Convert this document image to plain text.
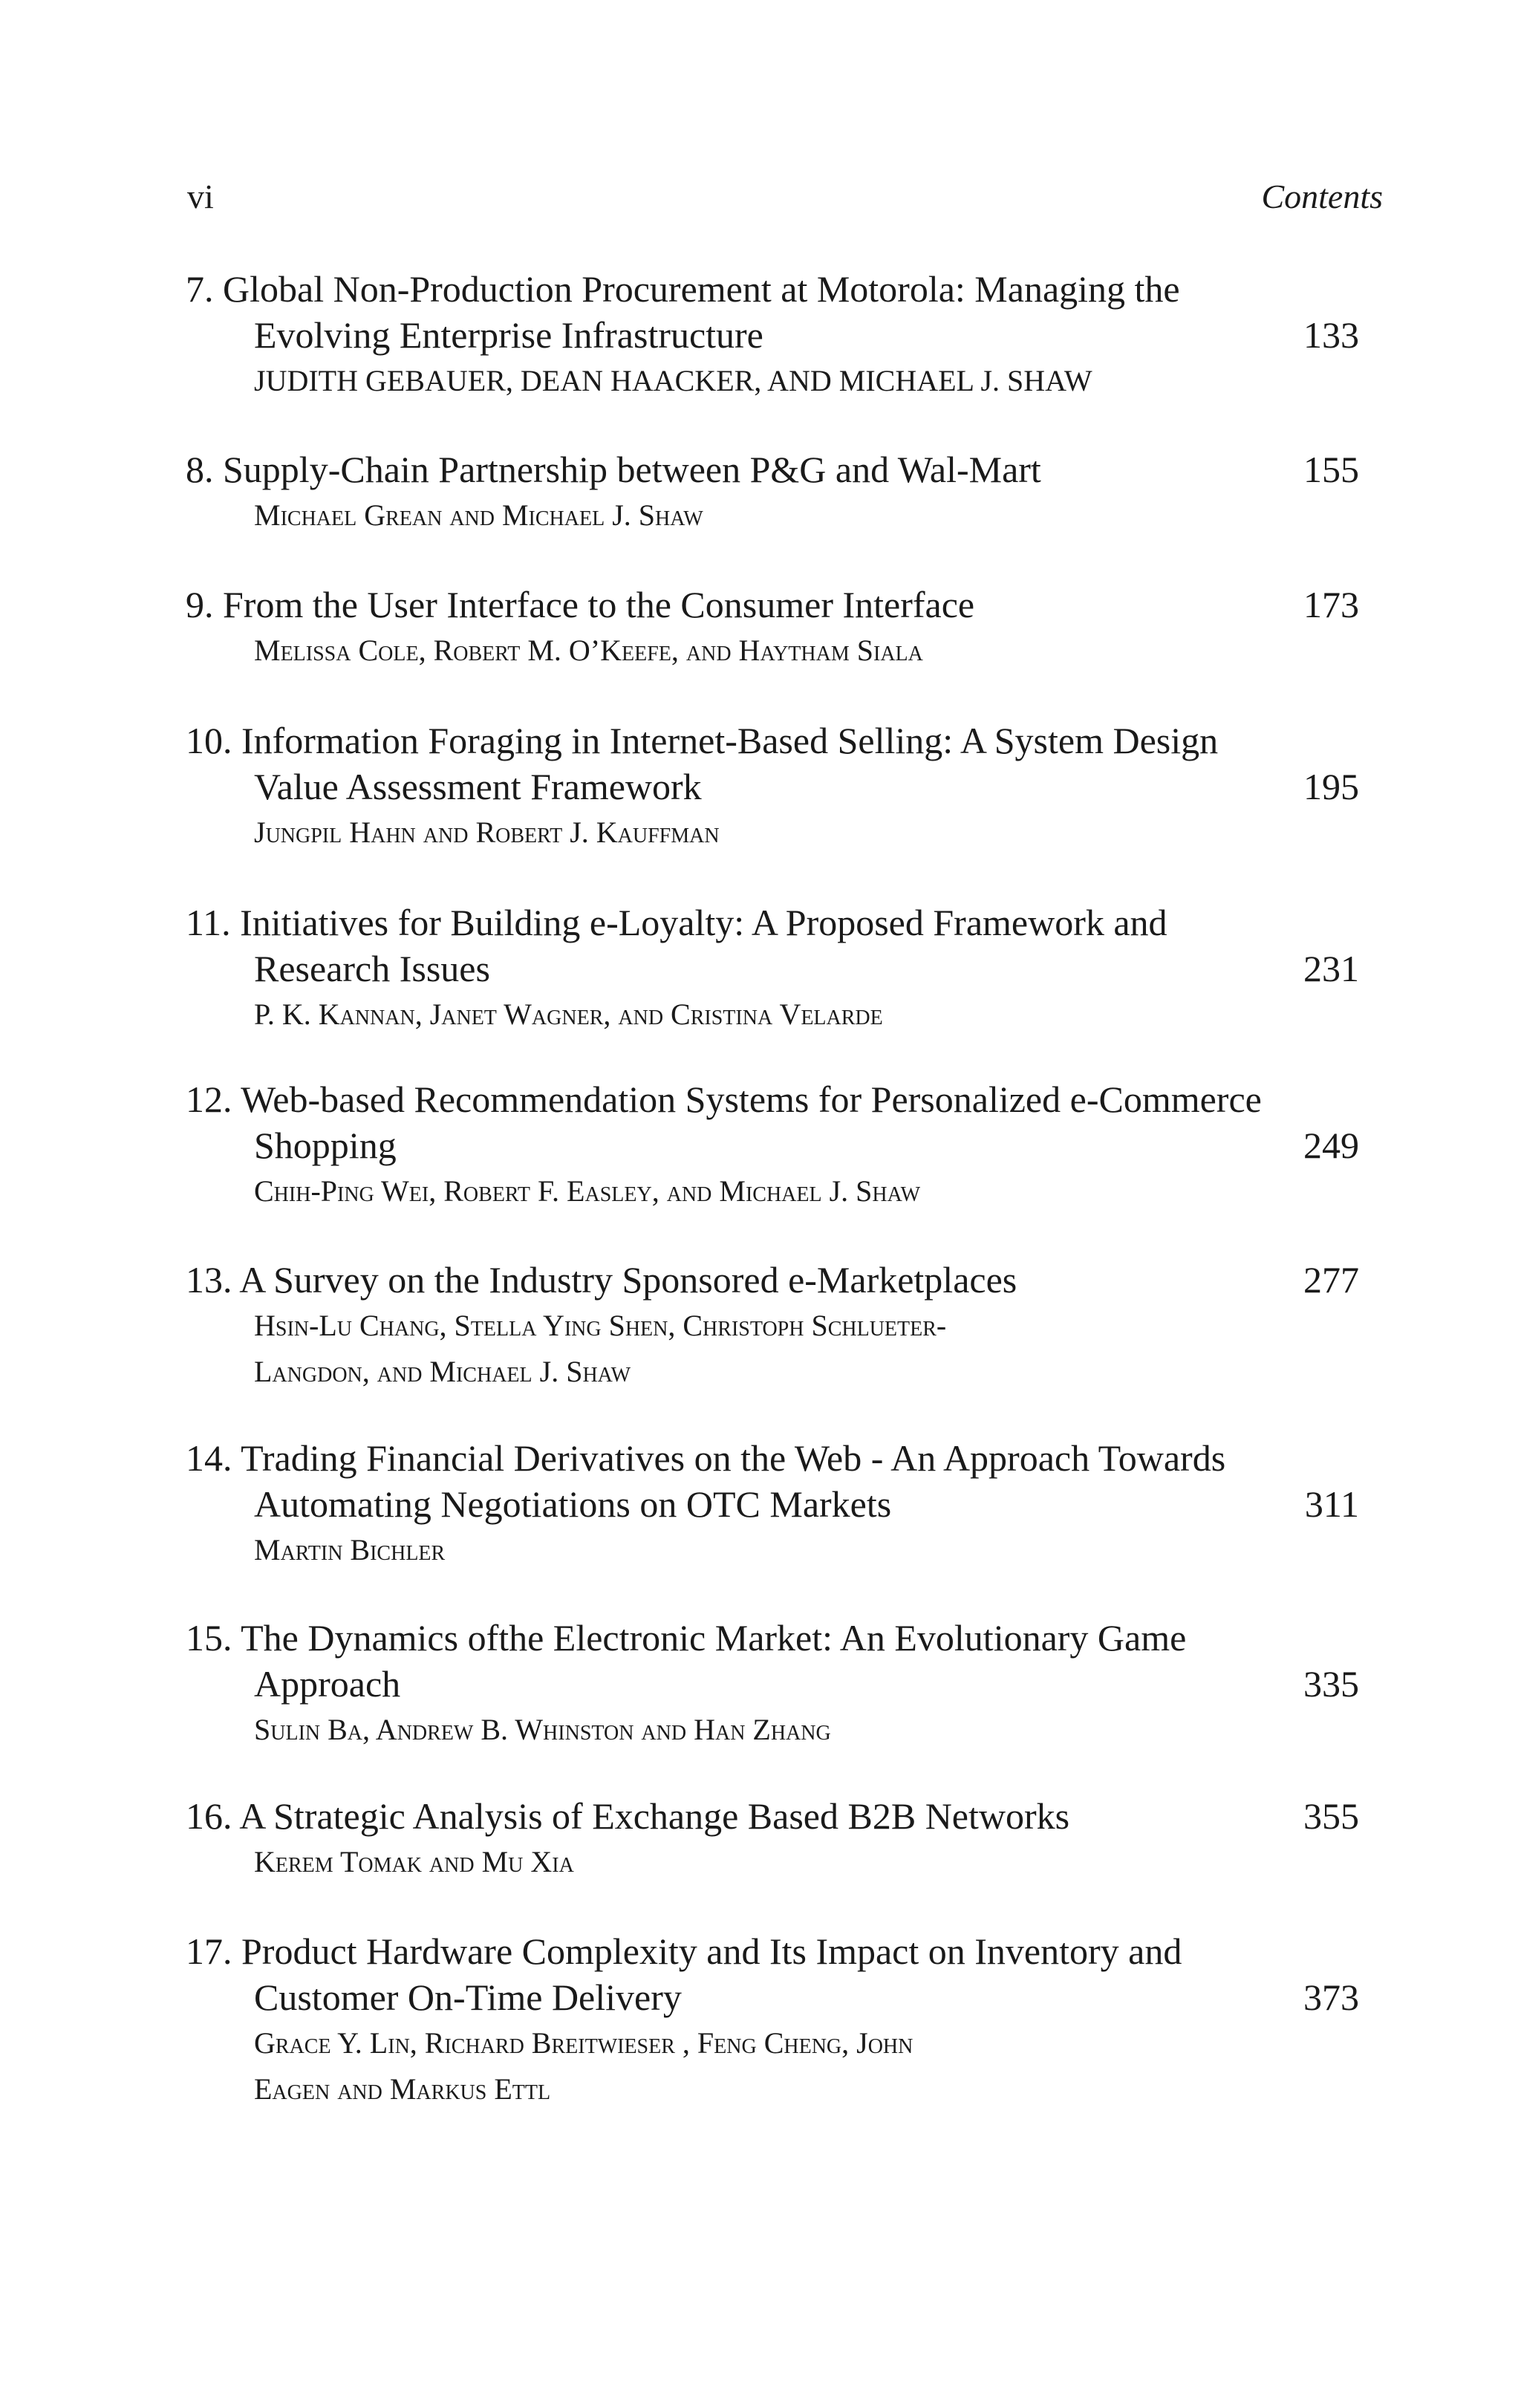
vi	Contents
7. Global Non-Production Procurement at Motorola: Managing the
Evolving Enterprise Infrastructure	133
JUDITH GEBAUER, DEAN HAACKER, AND MICHAEL J. SHAW
8. Supply-Chain Partnership between P&G and Wal-Mart	155
Michael Grean and Michael J. Shaw
9. From the User Interface to the Consumer Interface	173
Melissa Cole, Robert M. O’Keefe, and Haytham Siala
10. Information Foraging in Internet-Based Selling: A System Design
Value Assessment Framework	195
Jungpil Hahn and Robert J. Kauffman
11. Initiatives for Building e-Loyalty: A Proposed Framework and
Research Issues	231
P. K. Kannan, Janet Wagner, and Cristina Velarde
12. Web-based Recommendation Systems for Personalized e-Commerce
Shopping	249
Chih-Ping Wei, Robert F. Easley, and Michael J. Shaw
13. A Survey on the Industry Sponsored e-Marketplaces	277
Hsin-Lu Chang, Stella Ying Shen, Christoph Schlueter-
Langdon, and Michael J. Shaw
14. Trading Financial Derivatives on the Web - An Approach Towards
Automating Negotiations on OTC Markets	311
Martin Bichler
15. The Dynamics ofthe Electronic Market: An Evolutionary Game
Approach	335
Sulin Ba, Andrew B. Whinston and Han Zhang
16. A Strategic Analysis of Exchange Based B2B Networks	355
Kerem Tomak and Mu Xia
17. Product Hardware Complexity and Its Impact on Inventory and
Customer On-Time Delivery	373
Grace Y. Lin, Richard Breitwieser , Feng Cheng, John
Eagen and Markus Ettl
